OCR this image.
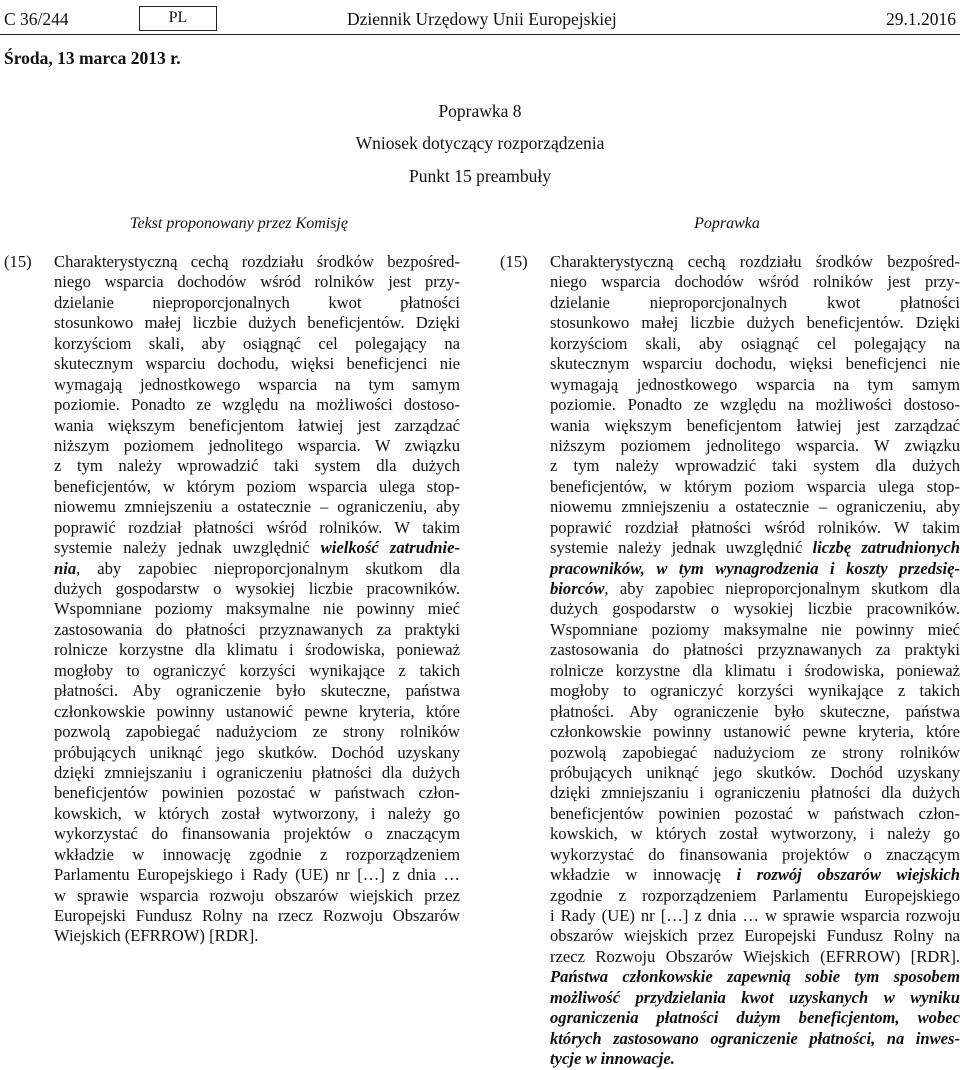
C 36/244	PL	Dziennik Urzędowy Unii Europejskiej	29.1.2016
Środa, 13 marca 2013 r.
Poprawka 8
Wniosek dotyczący rozporządzenia
Punkt 15 preambuły
Tekst proponowany przez Komisję	Poprawka
(15) Charakterystyczną cechą rozdziału środków bezpośred-
niego wsparcia dochodów wśród rolników jest przy-
dzielanie nieproporcjonalnych kwot płatności
stosunkowo małej liczbie dużych beneficjentów. Dzięki
korzyściom skali, aby osiągnąć cel polegający na
skutecznym wsparciu dochodu, więksi beneficjenci nie
wymagają jednostkowego wsparcia na tym samym
poziomie. Ponadto ze względu na możliwości dostoso-
wania większym beneficjentom łatwiej jest zarządzać
niższym poziomem jednolitego wsparcia. W związku
z tym należy wprowadzić taki system dla dużych
beneficjentów, w którym poziom wsparcia ulega stop-
niowemu zmniejszeniu a ostatecznie – ograniczeniu, aby
poprawić rozdział płatności wśród rolników. W takim
systemie należy jednak uwzględnić wielkość zatrudnie-
nia, aby zapobiec nieproporcjonalnym skutkom dla
dużych gospodarstw o wysokiej liczbie pracowników.
Wspomniane poziomy maksymalne nie powinny mieć
zastosowania do płatności przyznawanych za praktyki
rolnicze korzystne dla klimatu i środowiska, ponieważ
mogłoby to ograniczyć korzyści wynikające z takich
płatności. Aby ograniczenie było skuteczne, państwa
członkowskie powinny ustanowić pewne kryteria, które
pozwolą zapobiegać nadużyciom ze strony rolników
próbujących uniknąć jego skutków. Dochód uzyskany
dzięki zmniejszaniu i ograniczeniu płatności dla dużych
beneficjentów powinien pozostać w państwach człon-
kowskich, w których został wytworzony, i należy go
wykorzystać do finansowania projektów o znaczącym
wkładzie w innowację zgodnie z rozporządzeniem
Parlamentu Europejskiego i Rady (UE) nr […] z dnia …
w sprawie wsparcia rozwoju obszarów wiejskich przez
Europejski Fundusz Rolny na rzecz Rozwoju Obszarów
Wiejskich (EFRROW) [RDR].
(15) Charakterystyczną cechą rozdziału środków bezpośred-
niego wsparcia dochodów wśród rolników jest przy-
dzielanie nieproporcjonalnych kwot płatności
stosunkowo małej liczbie dużych beneficjentów. Dzięki
korzyściom skali, aby osiągnąć cel polegający na
skutecznym wsparciu dochodu, więksi beneficjenci nie
wymagają jednostkowego wsparcia na tym samym
poziomie. Ponadto ze względu na możliwości dostoso-
wania większym beneficjentom łatwiej jest zarządzać
niższym poziomem jednolitego wsparcia. W związku
z tym należy wprowadzić taki system dla dużych
beneficjentów, w którym poziom wsparcia ulega stop-
niowemu zmniejszeniu a ostatecznie – ograniczeniu, aby
poprawić rozdział płatności wśród rolników. W takim
systemie należy jednak uwzględnić liczbę zatrudnionych
pracowników, w tym wynagrodzenia i koszty przedsię-
biorców, aby zapobiec nieproporcjonalnym skutkom dla
dużych gospodarstw o wysokiej liczbie pracowników.
Wspomniane poziomy maksymalne nie powinny mieć
zastosowania do płatności przyznawanych za praktyki
rolnicze korzystne dla klimatu i środowiska, ponieważ
mogłoby to ograniczyć korzyści wynikające z takich
płatności. Aby ograniczenie było skuteczne, państwa
członkowskie powinny ustanowić pewne kryteria, które
pozwolą zapobiegać nadużyciom ze strony rolników
próbujących uniknąć jego skutków. Dochód uzyskany
dzięki zmniejszaniu i ograniczeniu płatności dla dużych
beneficjentów powinien pozostać w państwach człon-
kowskich, w których został wytworzony, i należy go
wykorzystać do finansowania projektów o znaczącym
wkładzie w innowację i rozwój obszarów wiejskich
zgodnie z rozporządzeniem Parlamentu Europejskiego
i Rady (UE) nr […] z dnia … w sprawie wsparcia rozwoju
obszarów wiejskich przez Europejski Fundusz Rolny na
rzecz Rozwoju Obszarów Wiejskich (EFRROW) [RDR].
Państwa członkowskie zapewnią sobie tym sposobem
możliwość przydzielania kwot uzyskanych w wyniku
ograniczenia płatności dużym beneficjentom, wobec
których zastosowano ograniczenie płatności, na inwes-
tycje w innowacje.
